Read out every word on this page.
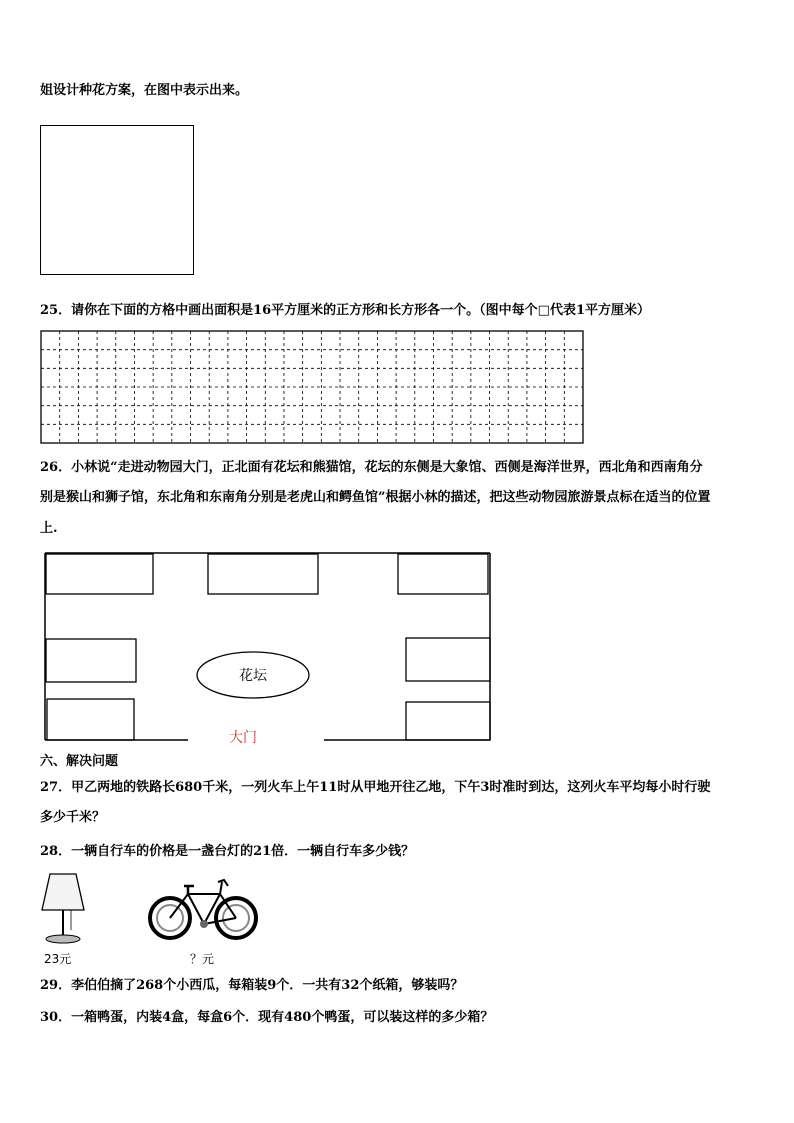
姐设计种花方案，在图中表示出来。
25．请你在下面的方格中画出面积是16平方厘米的正方形和长方形各一个。（图中每个□代表1平方厘米）
26．小林说“走进动物园大门，正北面有花坛和熊猫馆，花坛的东侧是大象馆、西侧是海洋世界，西北角和西南角分
别是猴山和狮子馆，东北角和东南角分别是老虎山和鳄鱼馆”根据小林的描述，把这些动物园旅游景点标在适当的位置
上.
花坛
大门
六、解决问题
27．甲乙两地的铁路长680千米，一列火车上午11时从甲地开往乙地，下午3时准时到达，这列火车平均每小时行驶
多少千米？
28．一辆自行车的价格是一盏台灯的21倍．一辆自行车多少钱？
23元	？元
29．李伯伯摘了268个小西瓜，每箱装9个．一共有32个纸箱，够装吗？
30．一箱鸭蛋，内装4盒，每盒6个．现有480个鸭蛋，可以装这样的多少箱？
